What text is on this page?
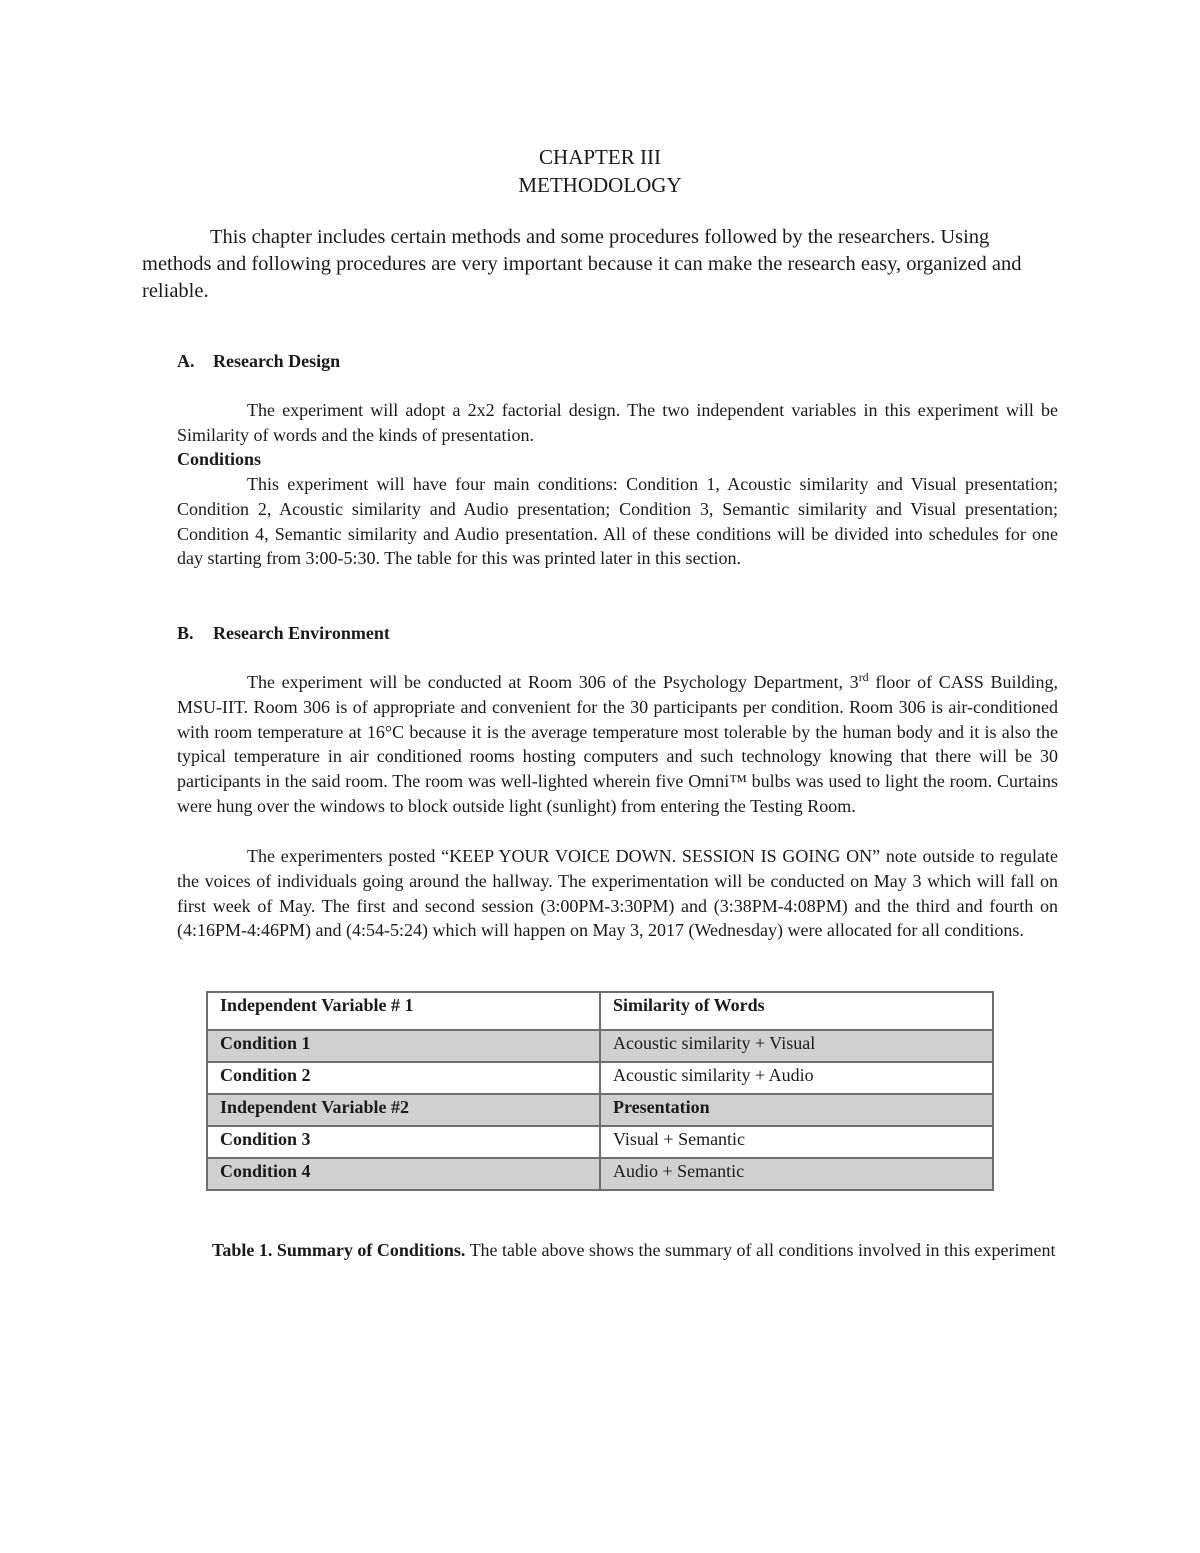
CHAPTER III
METHODOLOGY

This chapter includes certain methods and some procedures followed by the researchers. Using methods and following procedures are very important because it can make the research easy, organized and reliable.

A. Research Design

The experiment will adopt a 2x2 factorial design. The two independent variables in this experiment will be Similarity of words and the kinds of presentation.

Conditions

This experiment will have four main conditions: Condition 1, Acoustic similarity and Visual presentation; Condition 2, Acoustic similarity and Audio presentation; Condition 3, Semantic similarity and Visual presentation; Condition 4, Semantic similarity and Audio presentation. All of these conditions will be divided into schedules for one day starting from 3:00-5:30. The table for this was printed later in this section.

B. Research Environment

The experiment will be conducted at Room 306 of the Psychology Department, 3rd floor of CASS Building, MSU-IIT. Room 306 is of appropriate and convenient for the 30 participants per condition. Room 306 is air-conditioned with room temperature at 16°C because it is the average temperature most tolerable by the human body and it is also the typical temperature in air conditioned rooms hosting computers and such technology knowing that there will be 30 participants in the said room. The room was well-lighted wherein five Omni™ bulbs was used to light the room. Curtains were hung over the windows to block outside light (sunlight) from entering the Testing Room.

The experimenters posted “KEEP YOUR VOICE DOWN. SESSION IS GOING ON” note outside to regulate the voices of individuals going around the hallway. The experimentation will be conducted on May 3 which will fall on first week of May. The first and second session (3:00PM-3:30PM) and (3:38PM-4:08PM) and the third and fourth on (4:16PM-4:46PM) and (4:54-5:24) which will happen on May 3, 2017 (Wednesday) were allocated for all conditions.

Independent Variable # 1	Similarity of Words
Condition 1	Acoustic similarity + Visual
Condition 2	Acoustic similarity + Audio
Independent Variable #2	Presentation
Condition 3	Visual + Semantic
Condition 4	Audio + Semantic

Table 1. Summary of Conditions. The table above shows the summary of all conditions involved in this experiment
